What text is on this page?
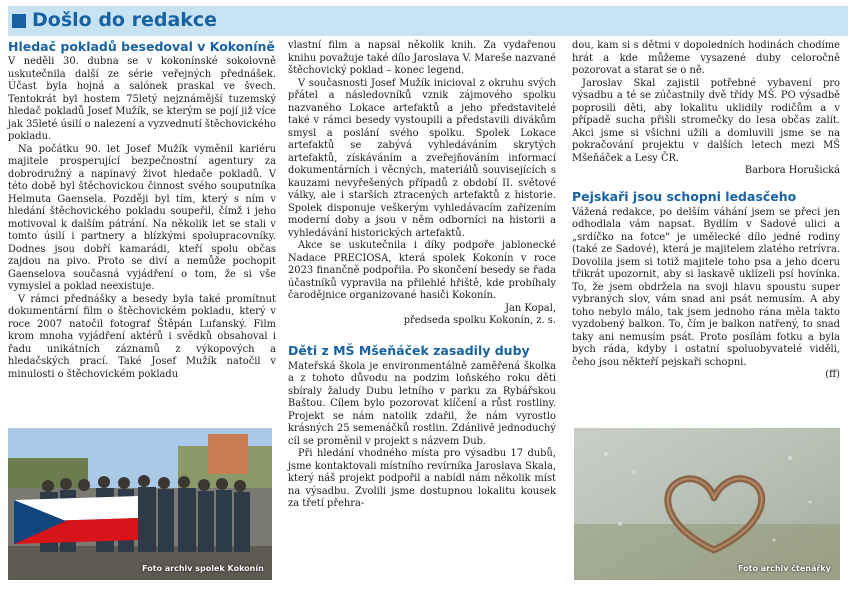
Došlo do redakce
Hledač pokladů besedoval v Kokoníně

V neděli 30. dubna se v kokonínské sokolovně uskutečnila další ze série veřejných přednášek. Účast byla hojná a salónek praskal ve švech. Tentokrát byl hostem 75letý nejznámější tuzemský hledač pokladů Josef Mužík, se kterým se pojí již více jak 35leté úsilí o nalezení a vyzvednutí štěchovického pokladu.

Na počátku 90. let Josef Mužík vyměnil kariéru majitele prosperující bezpečnostní agentury za dobrodružný a napínavý život hledače pokladů. V této době byl štěchovickou činnost svého souputníka Helmuta Gaensela. Později byl tím, který s ním v hledání štěchovického pokladu soupeřil, čímž i jeho motivoval k dalším pátrání. Na několik let se stali v tomto úsilí i partnery a blízkými spolupracovníky. Dodnes jsou dobří kamarádi, kteří spolu občas zajdou na pivo. Proto se diví a nemůže pochopit Gaenselova současná vyjádření o tom, že si vše vymyslel a poklad neexistuje.

V rámci přednášky a besedy byla také promítnut dokumentární film o štěchovickém pokladu, který v roce 2007 natočil fotograf Štěpán Lufanský. Film krom mnoha vyjádření aktérů i svědků obsahoval i řadu unikátních záznamů z výkopových a hledačských prací. Také Josef Mužík natočil v minulosti o štěchovickém pokladu

Foto archiv spolek Kokonín

vlastní film a napsal několik knih. Za vydařenou knihu považuje také dílo Jaroslava V. Mareše nazvané štěchovický poklad – konec legend.

V současnosti Josef Mužík inicioval z okruhu svých přátel a následovníků vznik zájmového spolku nazvaného Lokace artefaktů a jeho představitelé také v rámci besedy vystoupili a představili divákům smysl a poslání svého spolku. Spolek Lokace artefaktů se zabývá vyhledáváním skrytých artefaktů, získáváním a zveřejňováním informací dokumentárních i věcných, materiálů souvisejících s kauzami nevyřešených případů z období II. světové války, ale i starších ztracených artefaktů z historie. Spolek disponuje veškerým vyhledávacím zařízením moderní doby a jsou v něm odborníci na historii a vyhledávání historických artefaktů.

Akce se uskutečnila i díky podpoře jablonecké Nadace PRECIOSA, která spolek Kokonín v roce 2023 finančně podpořila. Po skončení besedy se řada účastníků vypravila na přilehlé hřiště, kde probíhaly čarodějnice organizované hasiči Kokonín.

Jan Kopal,

předseda spolku Kokonín, z. s.

Děti z MŠ Mšeňáček zasadily duby

Mateřská škola je environmentálně zaměřená školka a z tohoto důvodu na podzim loňského roku děti sbíraly žaludy Dubu letního v parku za Rybářskou Baštou. Cílem bylo pozorovat klíčení a růst rostliny. Projekt se nám natolik zdařil, že nám vyrostlo krásných 25 semenáčků rostlin. Zdánlivě jednoduchý cíl se proměnil v projekt s názvem Dub.

Při hledání vhodného místa pro výsadbu 17 dubů, jsme kontaktovali místního revírníka Jaroslava Skala, který náš projekt podpořil a nabídl nám několik míst na výsadbu. Zvolili jsme dostupnou lokalitu kousek za třetí přehra-

dou, kam si s dětmi v dopoledních hodinách chodíme hrát a kde můžeme vysazené duby celoročně pozorovat a starat se o ně.

Jaroslav Skal zajistil potřebné vybavení pro výsadbu a té se zúčastnily dvě třídy MŠ. PO výsadbě poprosili děti, aby lokalitu uklidily rodičům a v případě sucha přišli stromečky do lesa občas zalít. Akci jsme si všichni užili a domluvili jsme se na pokračování projektu v dalších letech mezi MŠ Mšeňáček a Lesy ČR.

Barbora Horušická

Pejskaři jsou schopni ledasčeho

Vážená redakce, po delším váhání jsem se přeci jen odhodlala vám napsat. Bydlím v Sadové ulici a „srdíčko na fotce" je umělecké dílo jedné rodiny (také ze Sadové), která je majitelem zlatého retrívra. Dovolila jsem si totiž majitele toho psa a jeho dceru třikrát upozornit, aby si laskavě uklízeli psí hovínka. To, že jsem obdržela na svoji hlavu spoustu super vybraných slov, vám snad ani psát nemusím. A aby toho nebylo málo, tak jsem jednoho rána měla takto vyzdobený balkon. To, čím je balkon natřený, to snad taky ani nemusím psát. Proto posílám fotku a byla bych ráda, kdyby i ostatní spoluobyvatelé viděli, čeho jsou někteří pejskaři schopni.

(ff)

Foto archiv čtenářky
